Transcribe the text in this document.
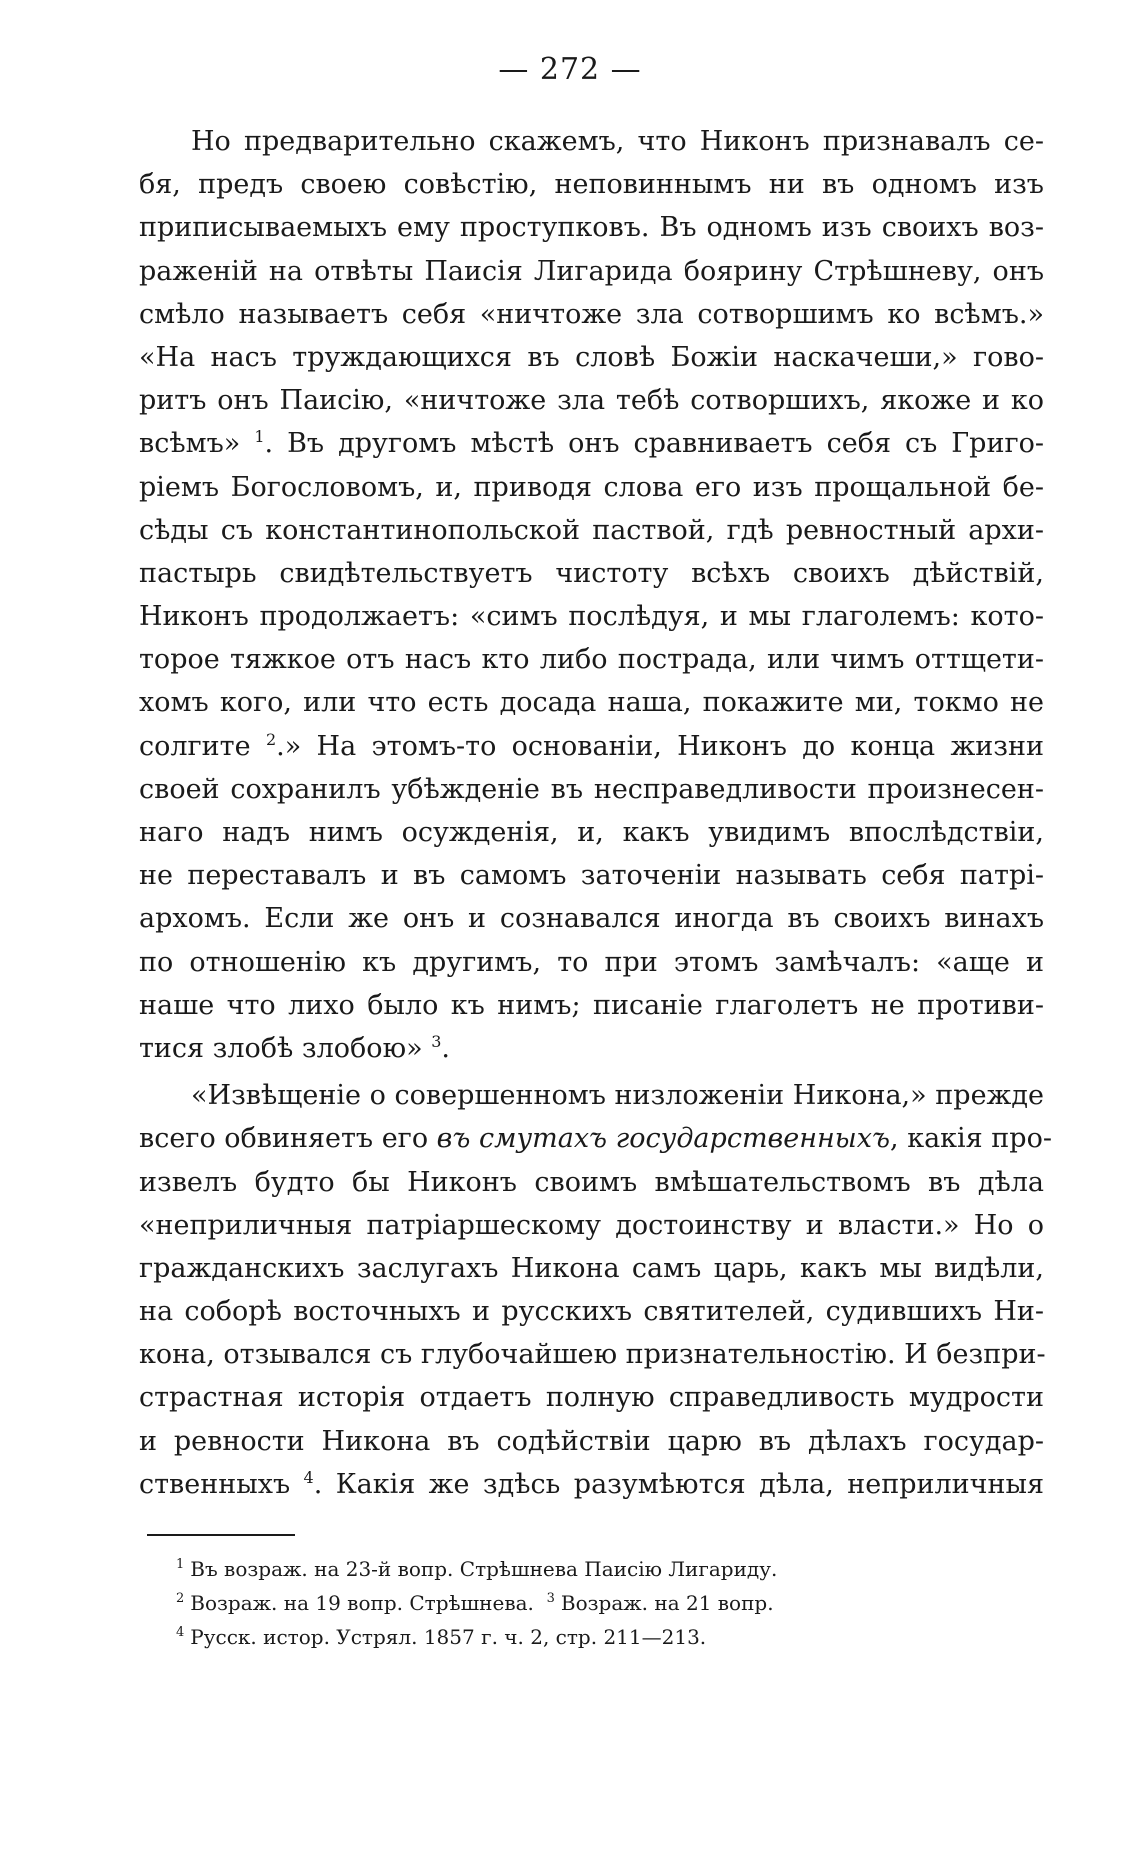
— 272 —
Но предварительно скажемъ, что Никонъ признавалъ се-
бя, предъ своею совѣстію, неповиннымъ ни въ одномъ изъ
приписываемыхъ ему проступковъ. Въ одномъ изъ своихъ воз-
раженій на отвѣты Паисія Лигарида боярину Стрѣшневу, онъ
смѣло называетъ себя «ничтоже зла сотворшимъ ко всѣмъ.»
«На насъ труждающихся въ словѣ Божіи наскачеши,» гово-
ритъ онъ Паисію, «ничтоже зла тебѣ сотворшихъ, якоже и ко
всѣмъ» $^1$. Въ другомъ мѣстѣ онъ сравниваетъ себя съ Григо-
ріемъ Богословомъ, и, приводя слова его изъ прощальной бе-
сѣды съ константинопольской паствой, гдѣ ревностный архи-
пастырь свидѣтельствуетъ чистоту всѣхъ своихъ дѣйствій,
Никонъ продолжаетъ: «симъ послѣдуя, и мы глаголемъ: кото-
торое тяжкое отъ насъ кто либо пострада, или чимъ оттщети-
хомъ кого, или что есть досада наша, покажите ми, токмо не
солгите $^2$.» На этомъ-то основаніи, Никонъ до конца жизни
своей сохранилъ убѣжденіе въ несправедливости произнесен-
наго надъ нимъ осужденія, и, какъ увидимъ впослѣдствіи,
не переставалъ и въ самомъ заточеніи называть себя патрі-
архомъ. Если же онъ и сознавался иногда въ своихъ винахъ
по отношенію къ другимъ, то при этомъ замѣчалъ: «аще и
наше что лихо было къ нимъ; писаніе глаголетъ не противи-
тися злобѣ злобою» $^3$.
«Извѣщеніе о совершенномъ низложеніи Никона,» прежде
всего обвиняетъ его въ смутахъ государственныхъ, какія про-
извелъ будто бы Никонъ своимъ вмѣшательствомъ въ дѣла
«неприличныя патріаршескому достоинству и власти.» Но о
гражданскихъ заслугахъ Никона самъ царь, какъ мы видѣли,
на соборѣ восточныхъ и русскихъ святителей, судившихъ Ни-
кона, отзывался съ глубочайшею признательностію. И безпри-
страстная исторія отдаетъ полную справедливость мудрости
и ревности Никона въ содѣйствіи царю въ дѣлахъ государ-
ственныхъ $^4$. Какія же здѣсь разумѣются дѣла, неприличныя
$^1$ Въ возраж. на 23-й вопр. Стрѣшнева Паисію Лигариду.
$^2$ Возраж. на 19 вопр. Стрѣшнева. $^3$ Возраж. на 21 вопр.
$^4$ Русск. истор. Устрял. 1857 г. ч. 2, стр. 211—213.
